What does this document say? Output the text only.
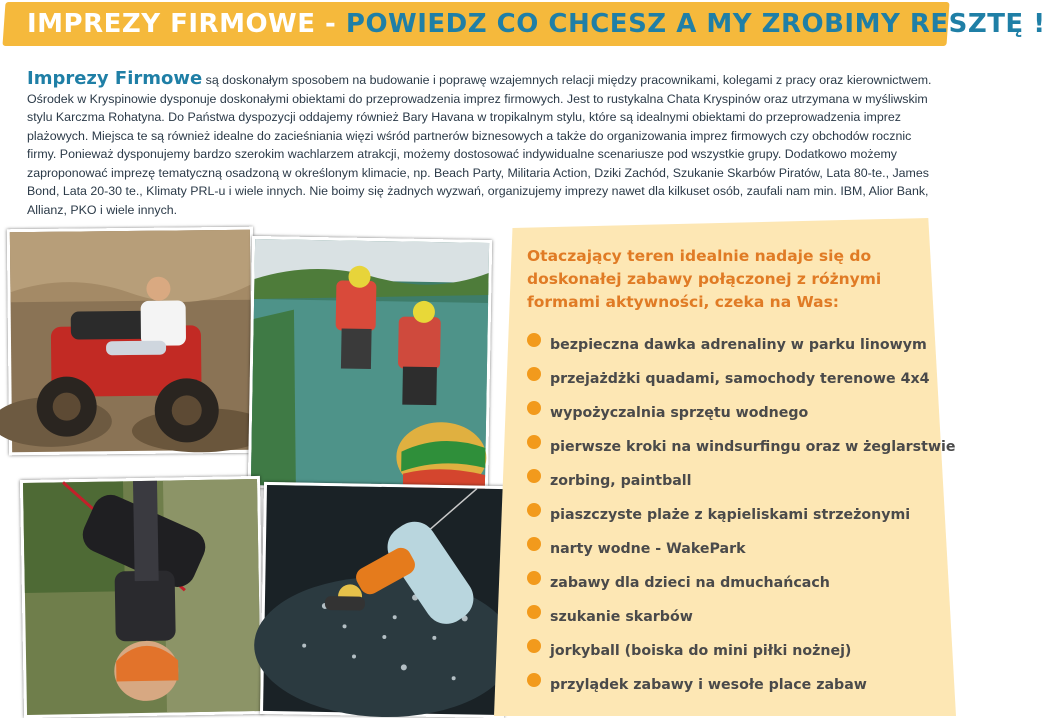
IMPREZY FIRMOWE - POWIEDZ CO CHCESZ A MY ZROBIMY RESZTĘ !
Imprezy Firmowe są doskonałym sposobem na budowanie i poprawę wzajemnych relacji między pracownikami, kolegami z pracy oraz kierownictwem. Ośrodek w Kryspinowie dysponuje doskonałymi obiektami do przeprowadzenia imprez firmowych. Jest to rustykalna Chata Kryspinów oraz utrzymana w myśliwskim stylu Karczma Rohatyna. Do Państwa dyspozycji oddajemy również Bary Havana w tropikalnym stylu, które są idealnymi obiektami do przeprowadzenia imprez plażowych. Miejsca te są również idealne do zacieśniania więzi wśród partnerów biznesowych a także do organizowania imprez firmowych czy obchodów rocznic firmy. Ponieważ dysponujemy bardzo szerokim wachlarzem atrakcji, możemy dostosować indywidualne scenariusze pod wszystkie grupy. Dodatkowo możemy zaproponować imprezę tematyczną osadzoną w określonym klimacie, np. Beach Party, Militaria Action, Dziki Zachód, Szukanie Skarbów Piratów, Lata 80-te., James Bond, Lata 20-30 te., Klimaty PRL-u i wiele innych. Nie boimy się żadnych wyzwań, organizujemy imprezy nawet dla kilkuset osób, zaufali nam min. IBM, Alior Bank, Allianz, PKO i wiele innych.
Otaczający teren idealnie nadaje się do doskonałej zabawy połączonej z różnymi formami aktywności, czeka na Was:
bezpieczna dawka adrenaliny w parku linowym
przejażdżki quadami, samochody terenowe 4x4
wypożyczalnia sprzętu wodnego
pierwsze kroki na windsurfingu oraz w żeglarstwie
zorbing, paintball
piaszczyste plaże z kąpieliskami strzeżonymi
narty wodne - WakePark
zabawy dla dzieci na dmuchańcach
szukanie skarbów
jorkyball (boiska do mini piłki nożnej)
przylądek zabawy i wesołe place zabaw
